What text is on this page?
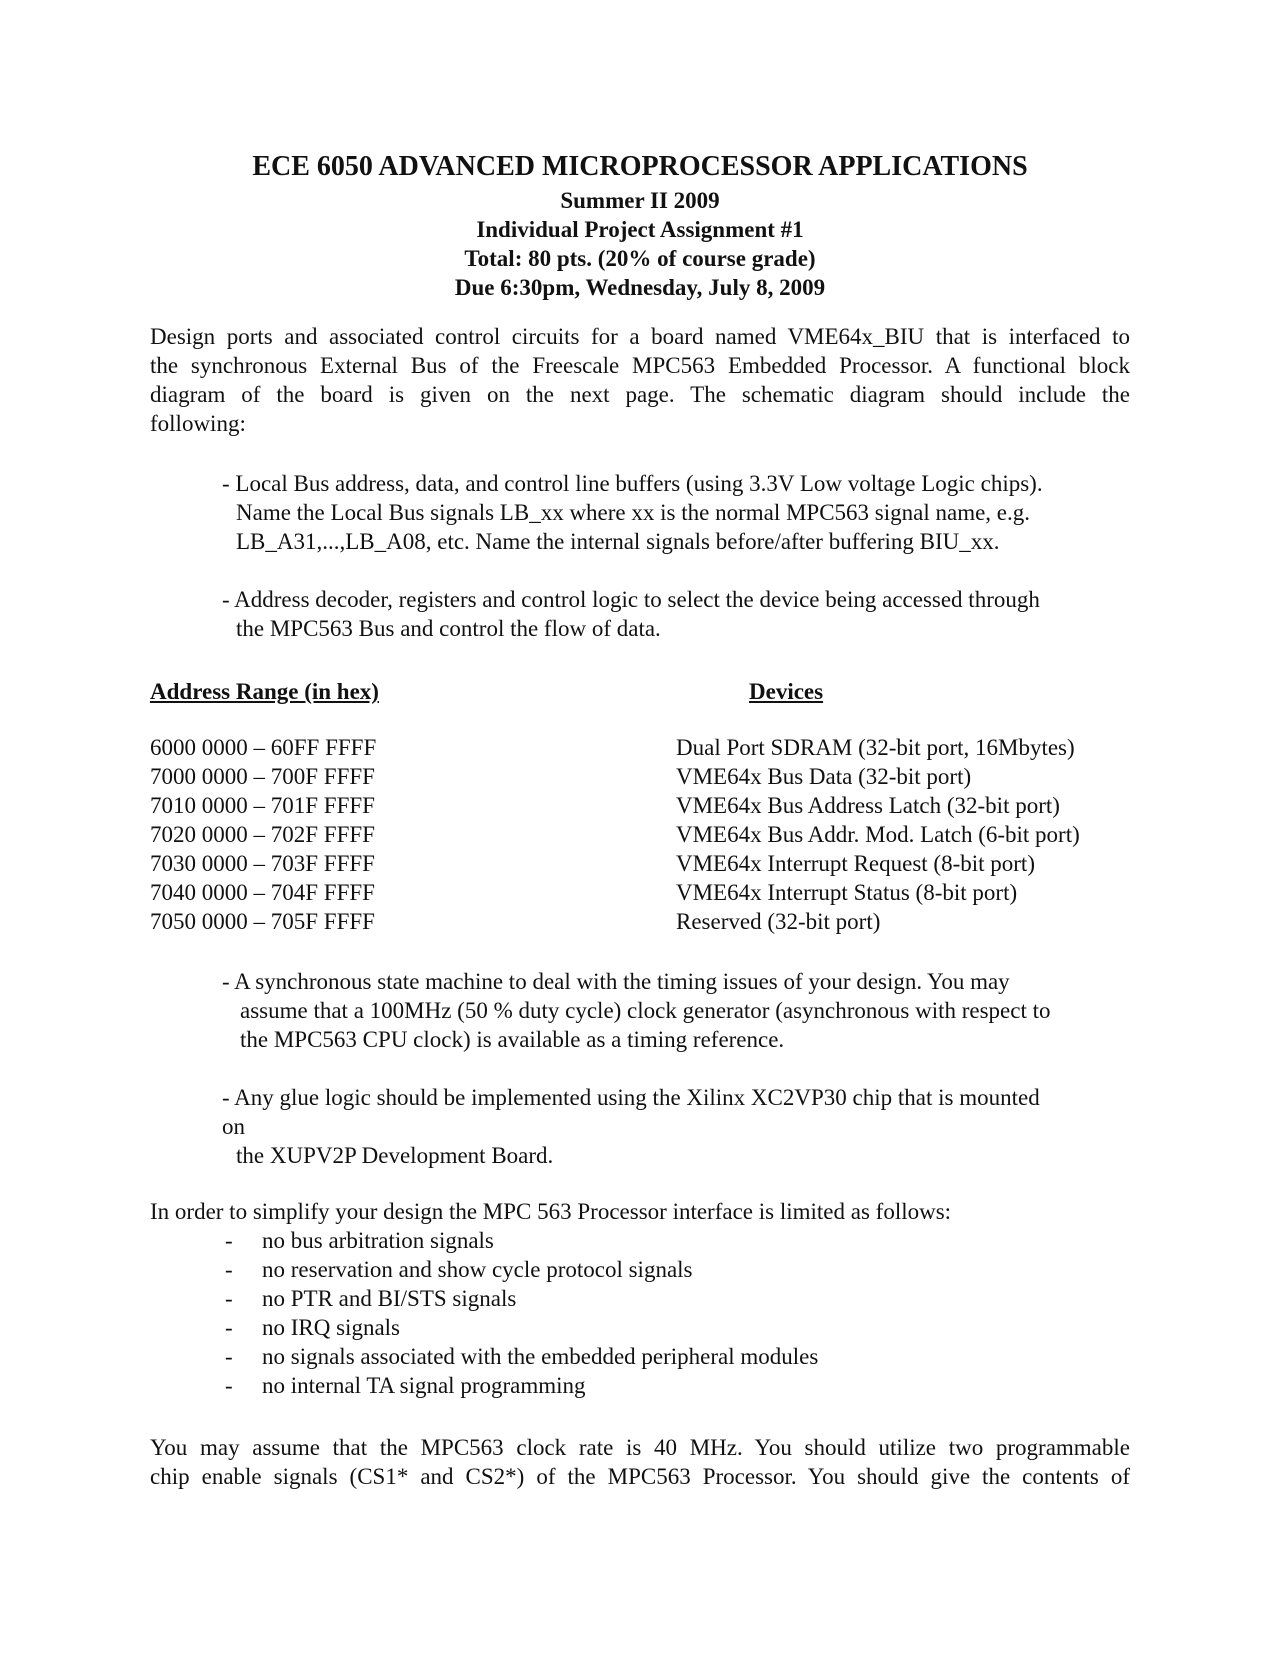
ECE 6050 ADVANCED MICROPROCESSOR APPLICATIONS
Summer II 2009
Individual Project Assignment #1
Total: 80 pts. (20% of course grade)
Due 6:30pm, Wednesday, July 8, 2009
Design ports and associated control circuits for a board named VME64x_BIU that is interfaced to
the synchronous External Bus of the Freescale MPC563 Embedded Processor. A functional block
diagram of the board is given on the next page. The schematic diagram should include the
following:
- Local Bus address, data, and control line buffers (using 3.3V Low voltage Logic chips).
Name the Local Bus signals LB_xx where xx is the normal MPC563 signal name, e.g.
LB_A31,...,LB_A08, etc. Name the internal signals before/after buffering BIU_xx.
- Address decoder, registers and control logic to select the device being accessed through
the MPC563 Bus and control the flow of data.
Address Range (in hex)	Devices
6000 0000 – 60FF FFFF	Dual Port SDRAM (32-bit port, 16Mbytes)
7000 0000 – 700F FFFF	VME64x Bus Data (32-bit port)
7010 0000 – 701F FFFF	VME64x Bus Address Latch (32-bit port)
7020 0000 – 702F FFFF	VME64x Bus Addr. Mod. Latch (6-bit port)
7030 0000 – 703F FFFF	VME64x Interrupt Request (8-bit port)
7040 0000 – 704F FFFF	VME64x Interrupt Status (8-bit port)
7050 0000 – 705F FFFF	Reserved (32-bit port)
- A synchronous state machine to deal with the timing issues of your design. You may
assume that a 100MHz (50 % duty cycle) clock generator (asynchronous with respect to
the MPC563 CPU clock) is available as a timing reference.
- Any glue logic should be implemented using the Xilinx XC2VP30 chip that is mounted
on
the XUPV2P Development Board.
In order to simplify your design the MPC 563 Processor interface is limited as follows:
- no bus arbitration signals
- no reservation and show cycle protocol signals
- no PTR and BI/STS signals
- no IRQ signals
- no signals associated with the embedded peripheral modules
- no internal TA signal programming
You may assume that the MPC563 clock rate is 40 MHz. You should utilize two programmable
chip enable signals (CS1* and CS2*) of the MPC563 Processor. You should give the contents of
